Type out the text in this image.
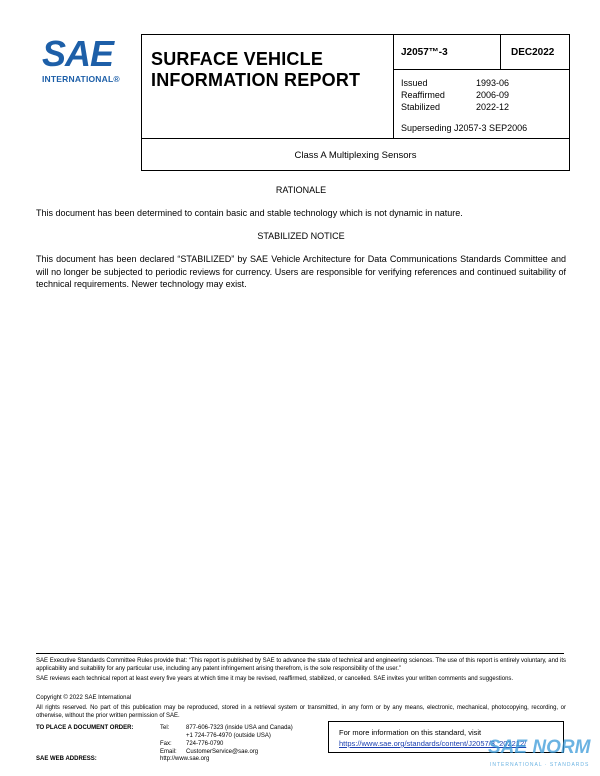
SAE
INTERNATIONAL®
SURFACE VEHICLE
INFORMATION REPORT
J2057™-3	DEC2022
Issued	1993-06
Reaffirmed	2006-09
Stabilized	2022-12
Superseding J2057-3 SEP2006
Class A Multiplexing Sensors
RATIONALE
This document has been determined to contain basic and stable technology which is not dynamic in nature.
STABILIZED NOTICE
This document has been declared “STABILIZED” by SAE Vehicle Architecture for Data Communications Standards Committee and will no longer be subjected to periodic reviews for currency. Users are responsible for verifying references and continued suitability of technical requirements. Newer technology may exist.
SAE Executive Standards Committee Rules provide that: “This report is published by SAE to advance the state of technical and engineering sciences. The use of this report is entirely voluntary, and its applicability and suitability for any particular use, including any patent infringement arising therefrom, is the sole responsibility of the user.”
SAE reviews each technical report at least every five years at which time it may be revised, reaffirmed, stabilized, or cancelled. SAE invites your written comments and suggestions.
Copyright © 2022 SAE International
All rights reserved. No part of this publication may be reproduced, stored in a retrieval system or transmitted, in any form or by any means, electronic, mechanical, photocopying, recording, or otherwise, without the prior written permission of SAE.
TO PLACE A DOCUMENT ORDER:	Tel:	877-606-7323 (inside USA and Canada)
+1 724-776-4970 (outside USA)
Fax: 724-776-0790
Email: CustomerService@sae.org
SAE WEB ADDRESS:	http://www.sae.org
For more information on this standard, visit
https://www.sae.org/standards/content/J2057/3_202212/
SAE NORM
INTERNATIONAL · STANDARDS
